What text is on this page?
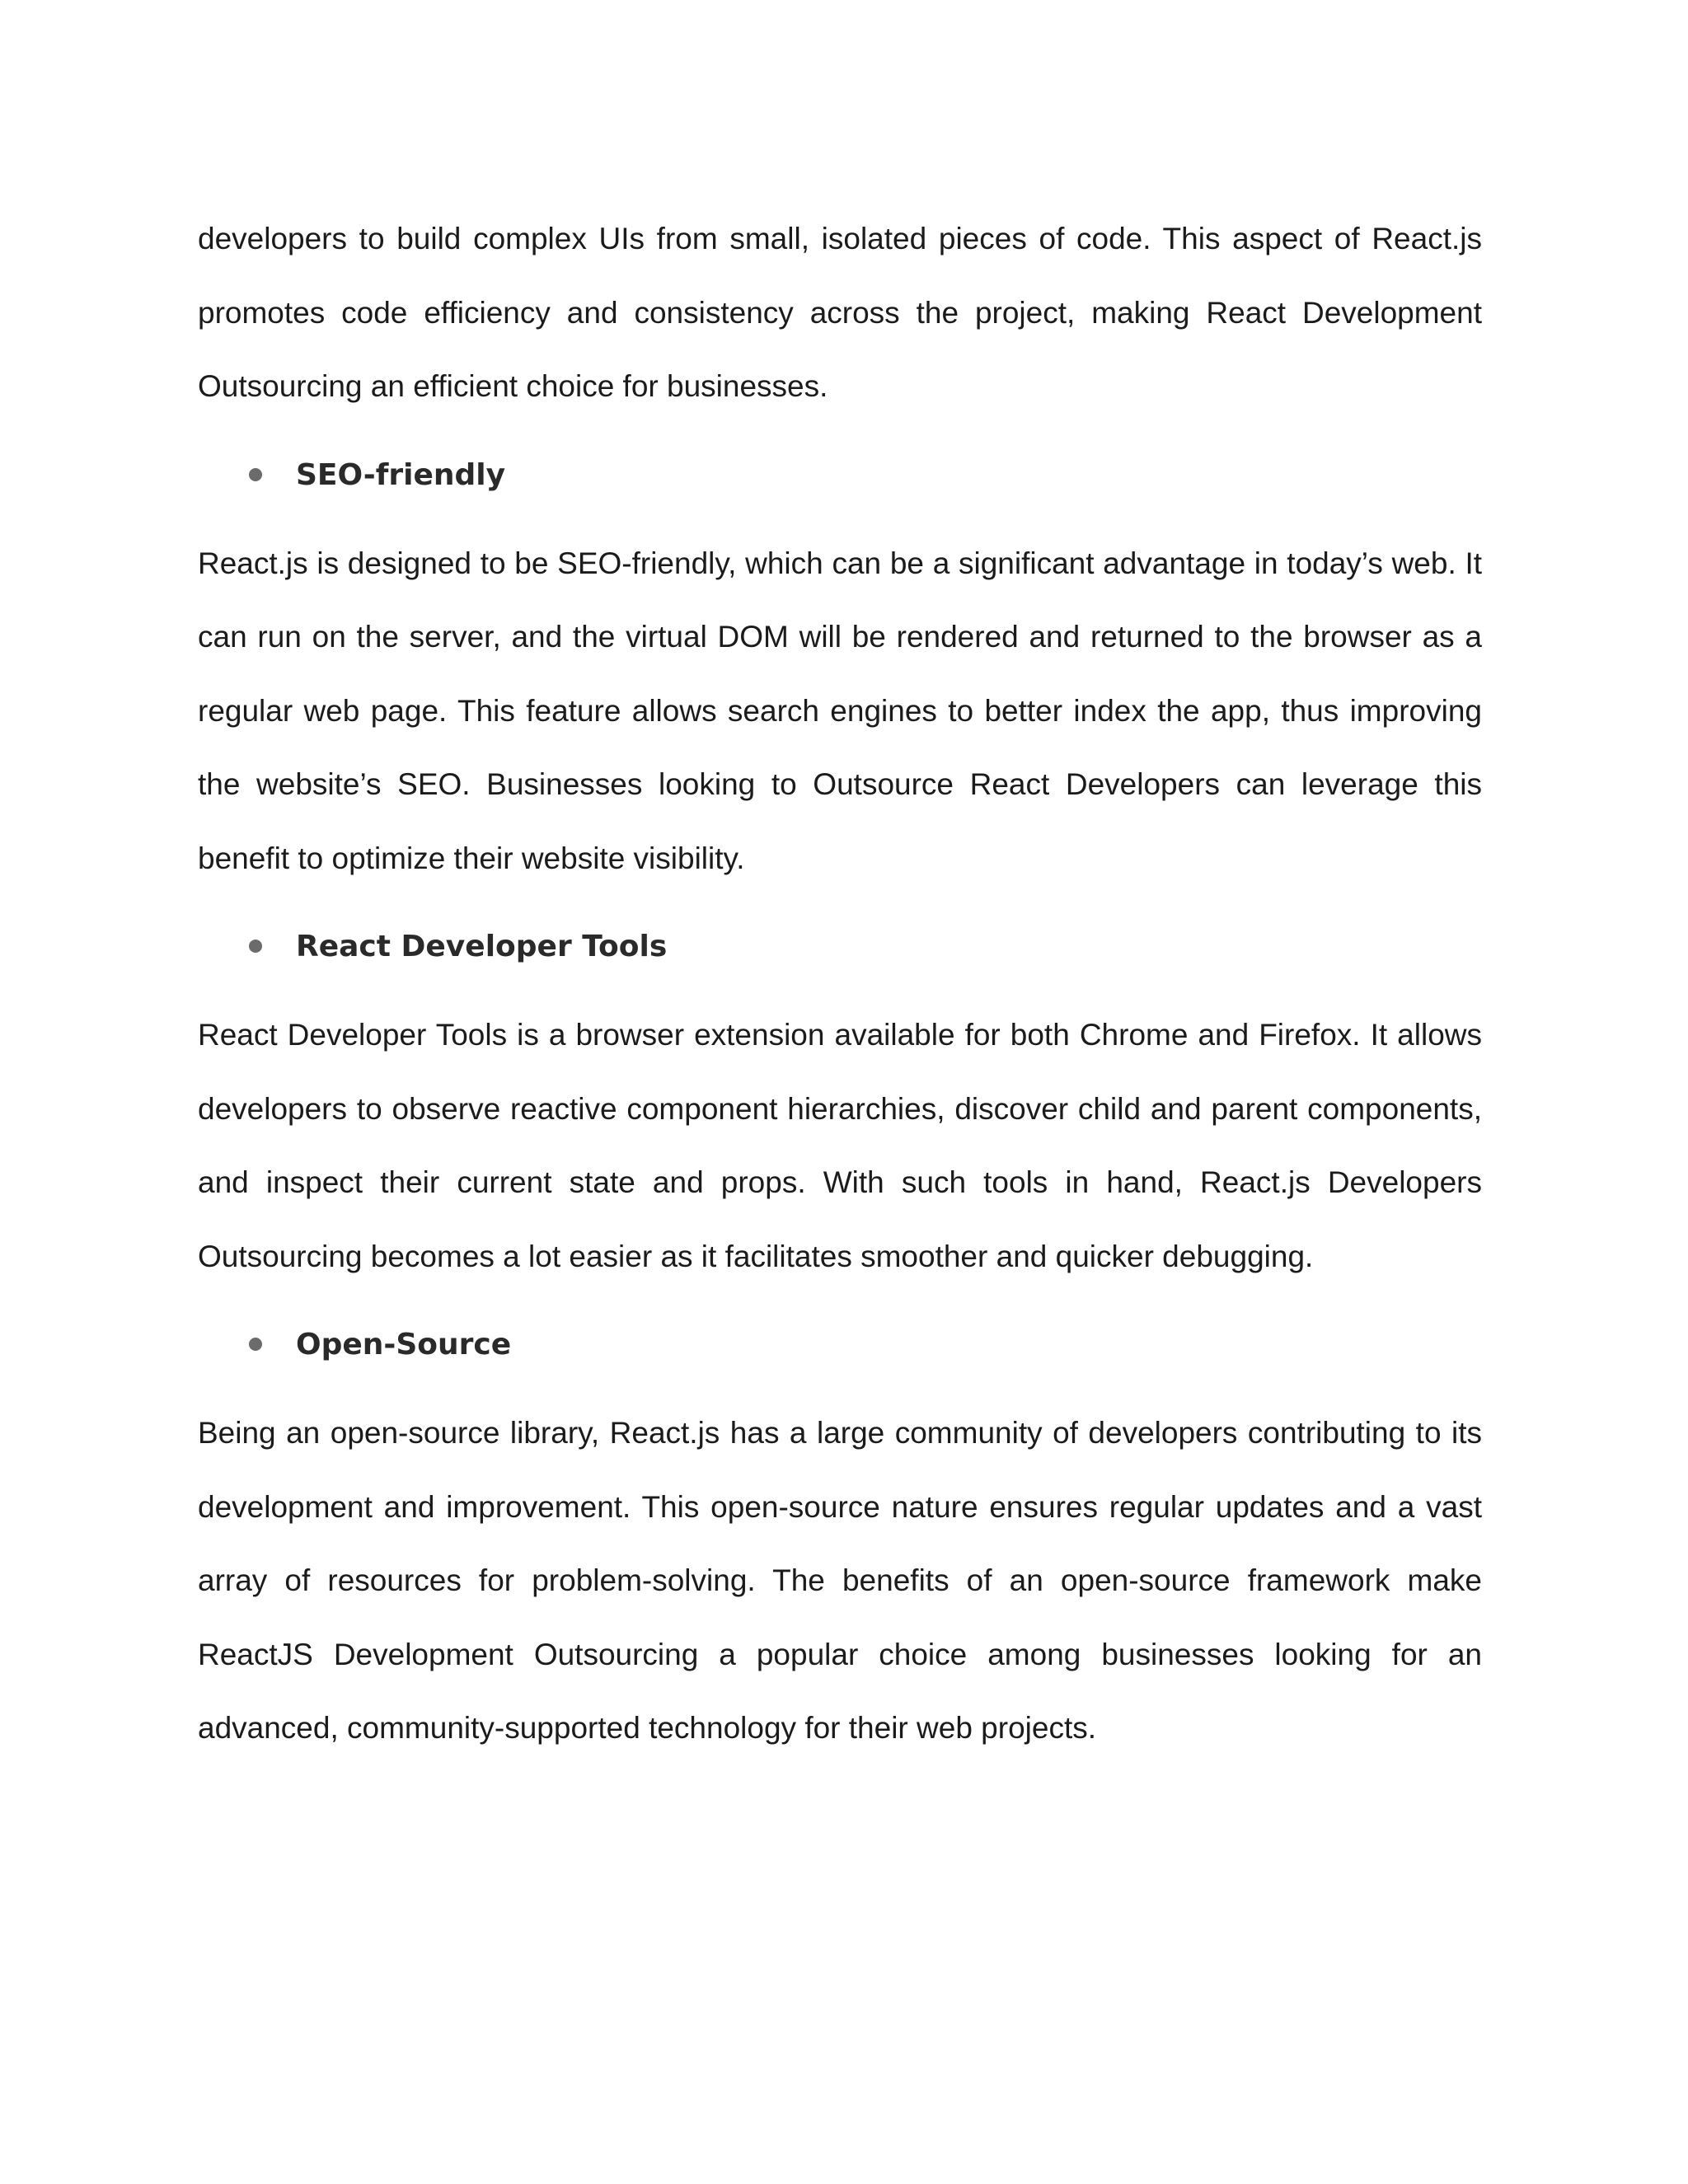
developers to build complex UIs from small, isolated pieces of code. This aspect of React.js promotes code efficiency and consistency across the project, making React Development Outsourcing an efficient choice for businesses.

SEO-friendly

React.js is designed to be SEO-friendly, which can be a significant advantage in today’s web. It can run on the server, and the virtual DOM will be rendered and returned to the browser as a regular web page. This feature allows search engines to better index the app, thus improving the website’s SEO. Businesses looking to Outsource React Developers can leverage this benefit to optimize their website visibility.

React Developer Tools

React Developer Tools is a browser extension available for both Chrome and Firefox. It allows developers to observe reactive component hierarchies, discover child and parent components, and inspect their current state and props. With such tools in hand, React.js Developers Outsourcing becomes a lot easier as it facilitates smoother and quicker debugging.

Open-Source

Being an open-source library, React.js has a large community of developers contributing to its development and improvement. This open-source nature ensures regular updates and a vast array of resources for problem-solving. The benefits of an open-source framework make ReactJS Development Outsourcing a popular choice among businesses looking for an advanced, community-supported technology for their web projects.
